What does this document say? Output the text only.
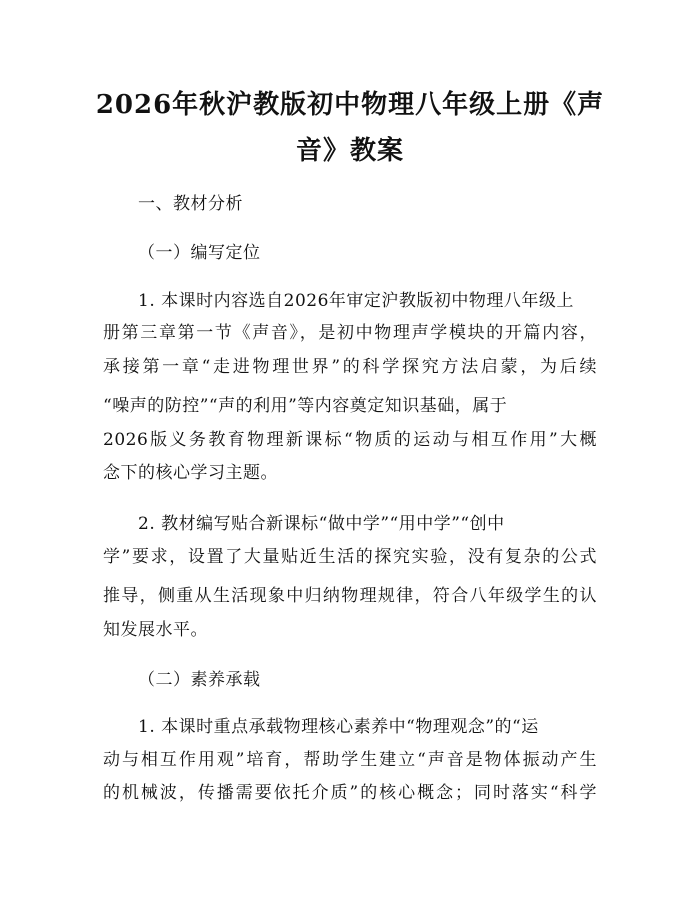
2026年秋沪教版初中物理八年级上册《声
音》教案
一、教材分析
（一）编写定位
1. 本课时内容选自2026年审定沪教版初中物理八年级上
册第三章第一节《声音》，是初中物理声学模块的开篇内容，
承接第一章“走进物理世界”的科学探究方法启蒙，为后续
“噪声的防控”“声的利用”等内容奠定知识基础，属于
2026版义务教育物理新课标“物质的运动与相互作用”大概
念下的核心学习主题。
2. 教材编写贴合新课标“做中学”“用中学”“创中
学”要求，设置了大量贴近生活的探究实验，没有复杂的公式
推导，侧重从生活现象中归纳物理规律，符合八年级学生的认
知发展水平。
（二）素养承载
1. 本课时重点承载物理核心素养中“物理观念”的“运
动与相互作用观”培育，帮助学生建立“声音是物体振动产生
的机械波，传播需要依托介质”的核心概念；同时落实“科学
